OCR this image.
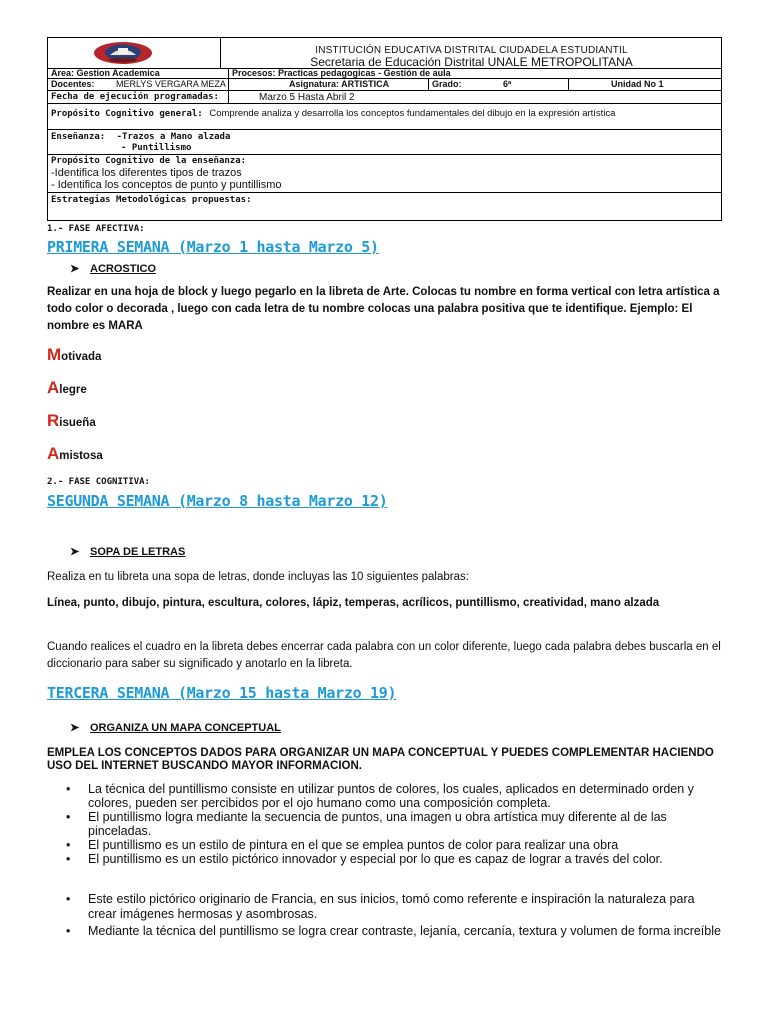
INSTITUCIÓN EDUCATIVA DISTRITAL CIUDADELA ESTUDIANTIL
Secretaria de Educación Distrital UNALE METROPOLITANA
Area: Gestion Academica	Procesos: Practicas pedagogicas - Gestión de aula
Docentes:	MERLYS VERGARA MEZA	Asignatura: ARTISTICA	Grado:	6ª	Unidad No 1
Fecha de ejecución programadas:	Marzo 5 Hasta Abril 2
Propósito Cognitivo general: Comprende analiza y desarrolla los conceptos fundamentales del dibujo en la expresión artística
Enseñanza: -Trazos a Mano alzada
- Puntillismo
Propósito Cognitivo de la enseñanza:
-Identifica los diferentes tipos de trazos
- Identifica los conceptos de punto y puntillismo
Estrategias Metodológicas propuestas:
1.- FASE AFECTIVA:
PRIMERA SEMANA (Marzo 1 hasta Marzo 5)
➤ ACROSTICO
Realizar en una hoja de block y luego pegarlo en la libreta de Arte. Colocas tu nombre en forma vertical con letra artística a todo color o decorada , luego con cada letra de tu nombre colocas una palabra positiva que te identifique. Ejemplo: El nombre es MARA
Motivada
Alegre
Risueña
Amistosa
2.- FASE COGNITIVA:
SEGUNDA SEMANA (Marzo 8 hasta Marzo 12)
➤ SOPA DE LETRAS
Realiza en tu libreta una sopa de letras, donde incluyas las 10 siguientes palabras:
Línea, punto, dibujo, pintura, escultura, colores, lápiz, temperas, acrílicos, puntillismo, creatividad, mano alzada
Cuando realices el cuadro en la libreta debes encerrar cada palabra con un color diferente, luego cada palabra debes buscarla en el diccionario para saber su significado y anotarlo en la libreta.
TERCERA SEMANA (Marzo 15 hasta Marzo 19)
➤ ORGANIZA UN MAPA CONCEPTUAL
EMPLEA LOS CONCEPTOS DADOS PARA ORGANIZAR UN MAPA CONCEPTUAL Y PUEDES COMPLEMENTAR HACIENDO USO DEL INTERNET BUSCANDO MAYOR INFORMACION.
• La técnica del puntillismo consiste en utilizar puntos de colores, los cuales, aplicados en determinado orden y colores, pueden ser percibidos por el ojo humano como una composición completa.
• El puntillismo logra mediante la secuencia de puntos, una imagen u obra artística muy diferente al de las pinceladas.
• El puntillismo es un estilo de pintura en el que se emplea puntos de color para realizar una obra
• El puntillismo es un estilo pictórico innovador y especial por lo que es capaz de lograr a través del color.
• Este estilo pictórico originario de Francia, en sus inicios, tomó como referente e inspiración la naturaleza para crear imágenes hermosas y asombrosas.
• Mediante la técnica del puntillismo se logra crear contraste, lejanía, cercanía, textura y volumen de forma increíble
